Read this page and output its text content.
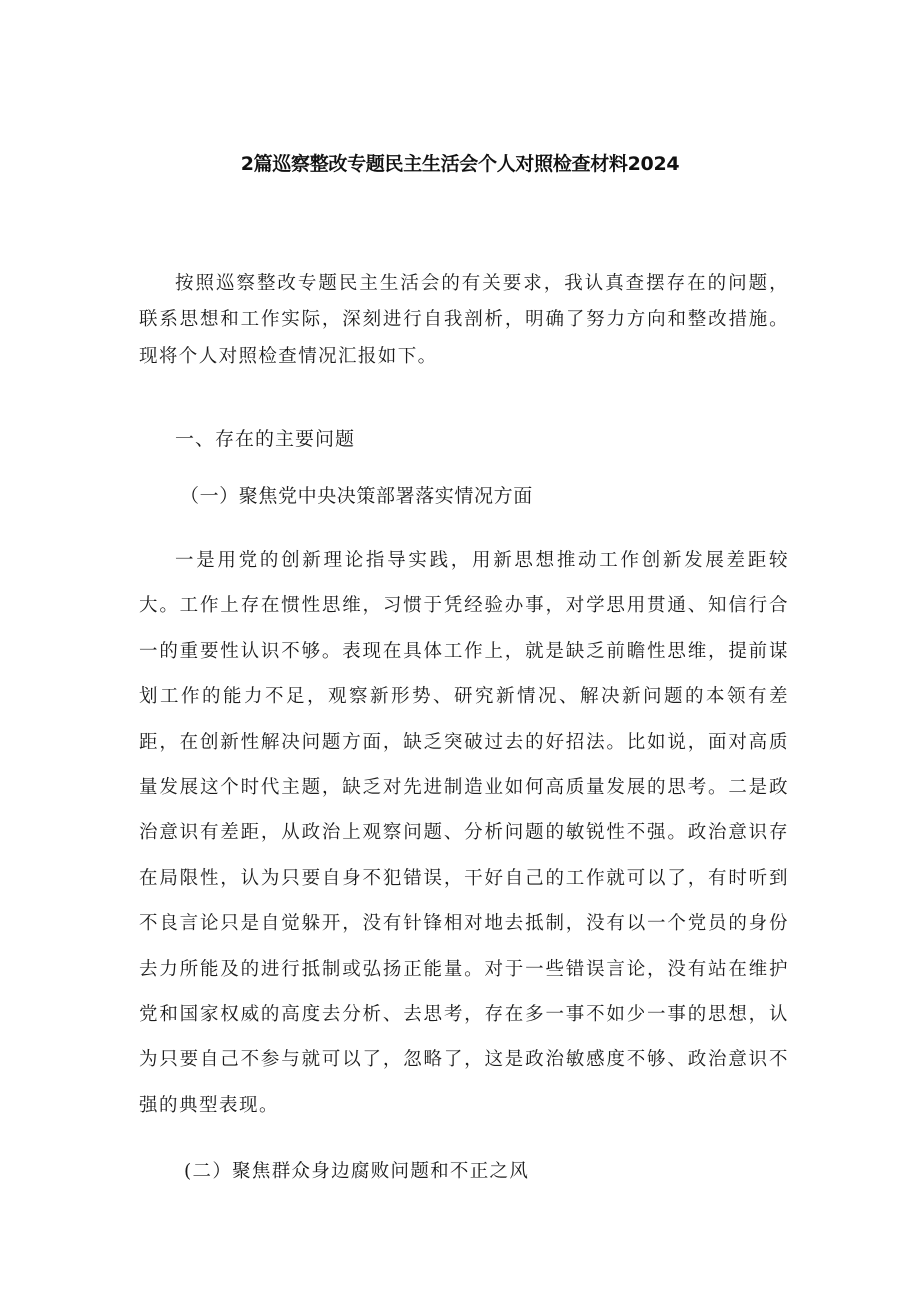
2篇巡察整改专题民主生活会个人对照检查材料2024

按照巡察整改专题民主生活会的有关要求，我认真查摆存在的问题，联系思想和工作实际，深刻进行自我剖析，明确了努力方向和整改措施。现将个人对照检查情况汇报如下。

一、存在的主要问题
（一）聚焦党中央决策部署落实情况方面

一是用党的创新理论指导实践，用新思想推动工作创新发展差距较大。工作上存在惯性思维，习惯于凭经验办事，对学思用贯通、知信行合一的重要性认识不够。表现在具体工作上，就是缺乏前瞻性思维，提前谋划工作的能力不足，观察新形势、研究新情况、解决新问题的本领有差距，在创新性解决问题方面，缺乏突破过去的好招法。比如说，面对高质量发展这个时代主题，缺乏对先进制造业如何高质量发展的思考。二是政治意识有差距，从政治上观察问题、分析问题的敏锐性不强。政治意识存在局限性，认为只要自身不犯错误，干好自己的工作就可以了，有时听到不良言论只是自觉躲开，没有针锋相对地去抵制，没有以一个党员的身份去力所能及的进行抵制或弘扬正能量。对于一些错误言论，没有站在维护党和国家权威的高度去分析、去思考，存在多一事不如少一事的思想，认为只要自己不参与就可以了，忽略了，这是政治敏感度不够、政治意识不强的典型表现。

(二）聚焦群众身边腐败问题和不正之风
